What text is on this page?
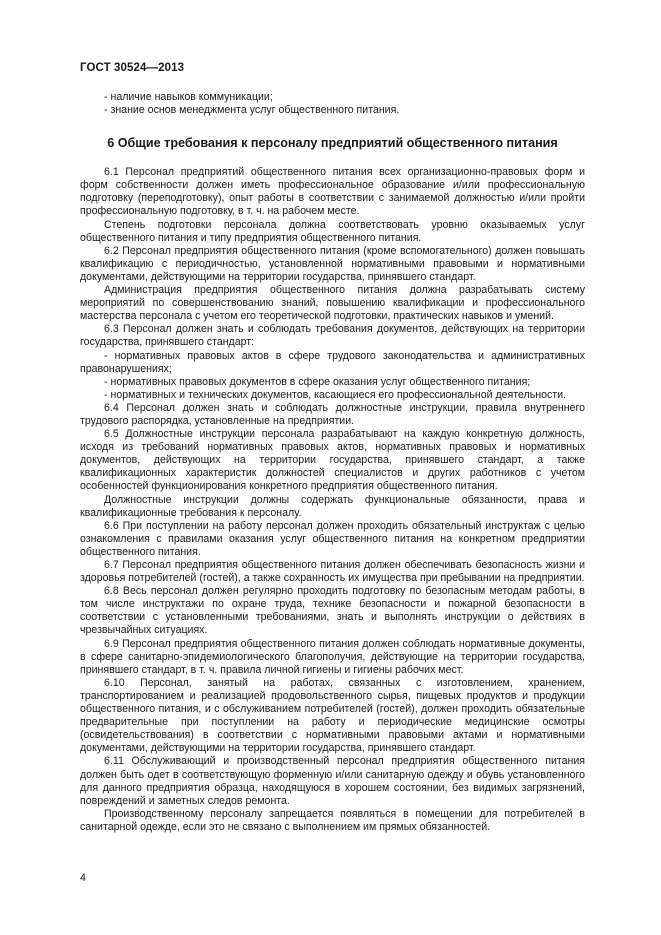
ГОСТ 30524—2013

- наличие навыков коммуникации;

- знание основ менеджмента услуг общественного питания.

6 Общие требования к персоналу предприятий общественного питания

6.1 Персонал предприятий общественного питания всех организационно-правовых форм и форм собственности должен иметь профессиональное образование и/или профессиональную подготовку (переподготовку), опыт работы в соответствии с занимаемой должностью и/или пройти профессиональную подготовку, в т. ч. на рабочем месте.

Степень подготовки персонала должна соответствовать уровню оказываемых услуг общественного питания и типу предприятия общественного питания.

6.2 Персонал предприятия общественного питания (кроме вспомогательного) должен повышать квалификацию с периодичностью, установленной нормативными правовыми и нормативными документами, действующими на территории государства, принявшего стандарт.

Администрация предприятия общественного питания должна разрабатывать систему мероприятий по совершенствованию знаний, повышению квалификации и профессионального мастерства персонала с учетом его теоретической подготовки, практических навыков и умений.

6.3 Персонал должен знать и соблюдать требования документов, действующих на территории государства, принявшего стандарт:

- нормативных правовых актов в сфере трудового законодательства и административных правонарушениях;

- нормативных правовых документов в сфере оказания услуг общественного питания;

- нормативных и технических документов, касающиеся его профессиональной деятельности.

6.4 Персонал должен знать и соблюдать должностные инструкции, правила внутреннего трудового распорядка, установленные на предприятии.

6.5 Должностные инструкции персонала разрабатывают на каждую конкретную должность, исходя из требований нормативных правовых актов, нормативных правовых и нормативных документов, действующих на территории государства, принявшего стандарт, а также квалификационных характеристик должностей специалистов и других работников с учетом особенностей функционирования конкретного предприятия общественного питания.

Должностные инструкции должны содержать функциональные обязанности, права и квалификационные требования к персоналу.

6.6 При поступлении на работу персонал должен проходить обязательный инструктаж с целью ознакомления с правилами оказания услуг общественного питания на конкретном предприятии общественного питания.

6.7 Персонал предприятия общественного питания должен обеспечивать безопасность жизни и здоровья потребителей (гостей), а также сохранность их имущества при пребывании на предприятии.

6.8 Весь персонал должен регулярно проходить подготовку по безопасным методам работы, в том числе инструктажи по охране труда, технике безопасности и пожарной безопасности в соответствии с установленными требованиями, знать и выполнять инструкции о действиях в чрезвычайных ситуациях.

6.9 Персонал предприятия общественного питания должен соблюдать нормативные документы, в сфере санитарно-эпидемиологического благополучия, действующие на территории государства, принявшего стандарт, в т. ч. правила личной гигиены и гигиены рабочих мест.

6.10 Персонал, занятый на работах, связанных с изготовлением, хранением, транспортированием и реализацией продовольственного сырья, пищевых продуктов и продукции общественного питания, и с обслуживанием потребителей (гостей), должен проходить обязательные предварительные при поступлении на работу и периодические медицинские осмотры (освидетельствования) в соответствии с нормативными правовыми актами и нормативными документами, действующими на территории государства, принявшего стандарт.

6.11 Обслуживающий и производственный персонал предприятия общественного питания должен быть одет в соответствующую форменную и/или санитарную одежду и обувь установленного для данного предприятия образца, находящуюся в хорошем состоянии, без видимых загрязнений, повреждений и заметных следов ремонта.

Производственному персоналу запрещается появляться в помещении для потребителей в санитарной одежде, если это не связано с выполнением им прямых обязанностей.

4
